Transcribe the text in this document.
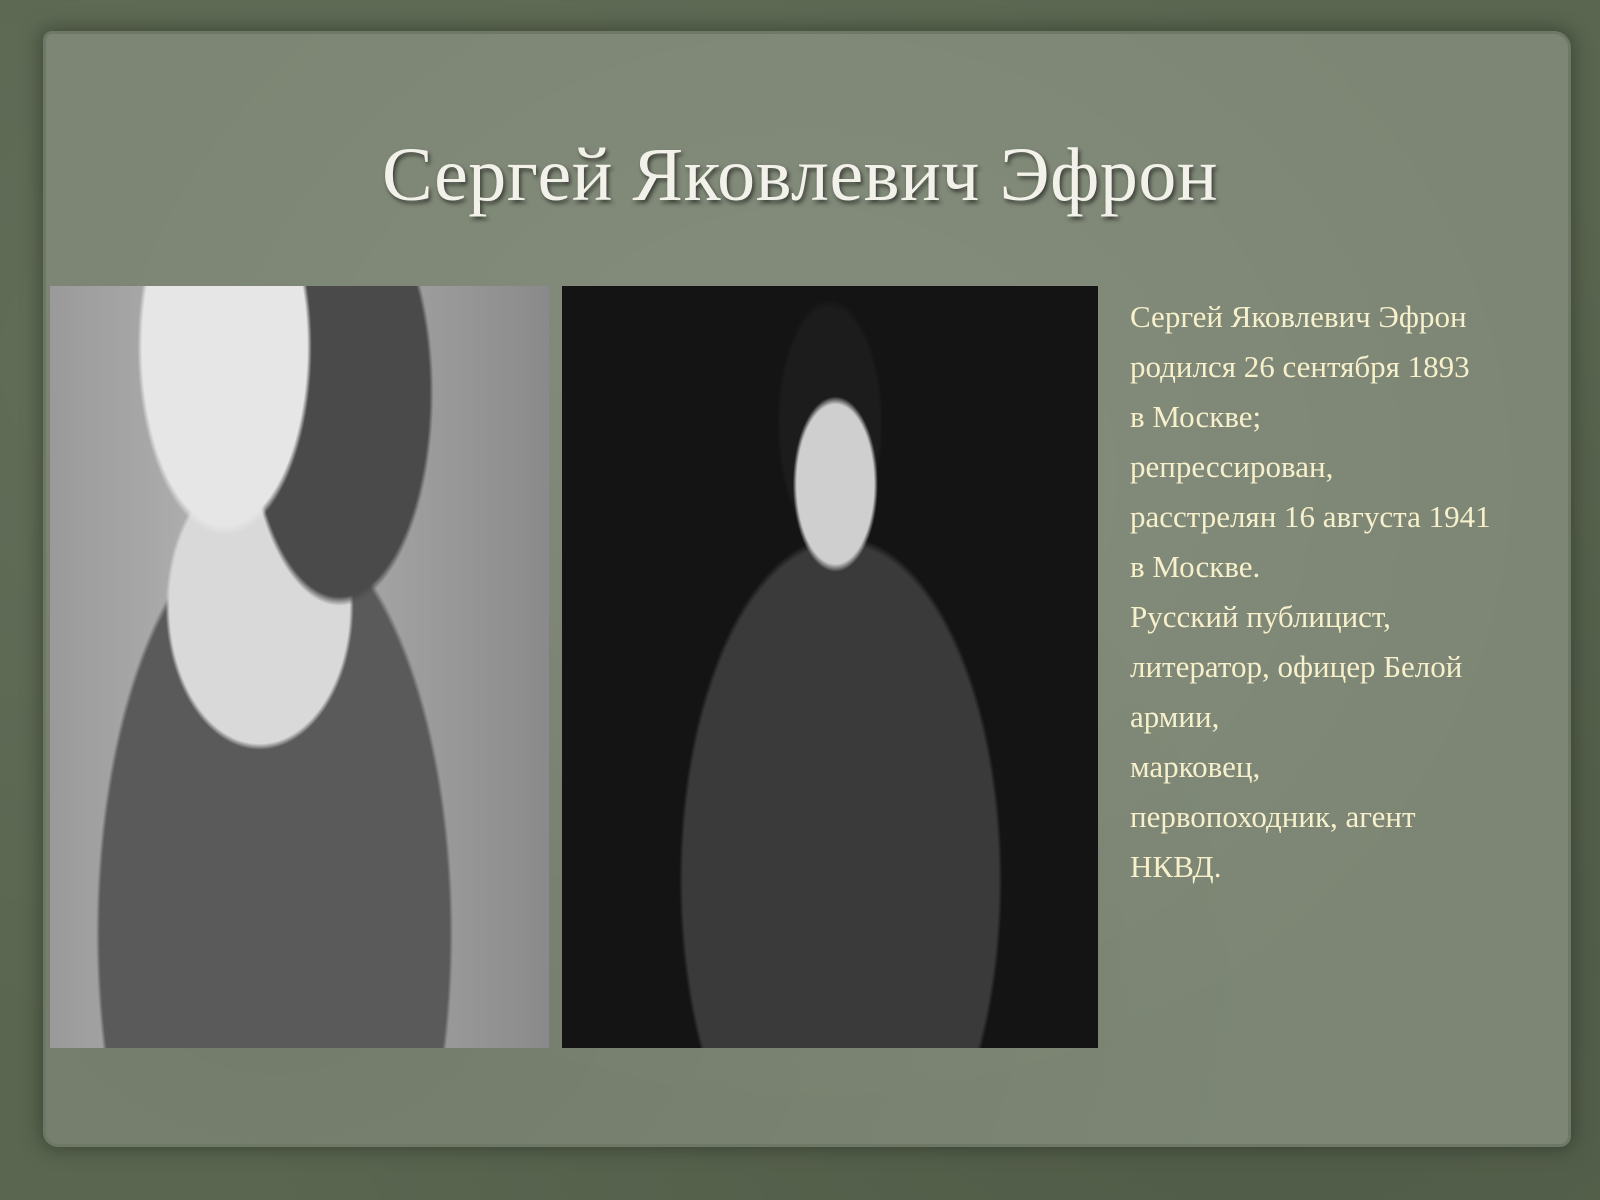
Сергей Яковлевич Эфрон
Сергей Яковлевич Эфрон
родился 26 сентября 1893
в Москве;
репрессирован,
расстрелян 16 августа 1941
в Москве.
Русский публицист,
литератор, офицер Белой
армии,
марковец,
первопоходник, агент
НКВД.
